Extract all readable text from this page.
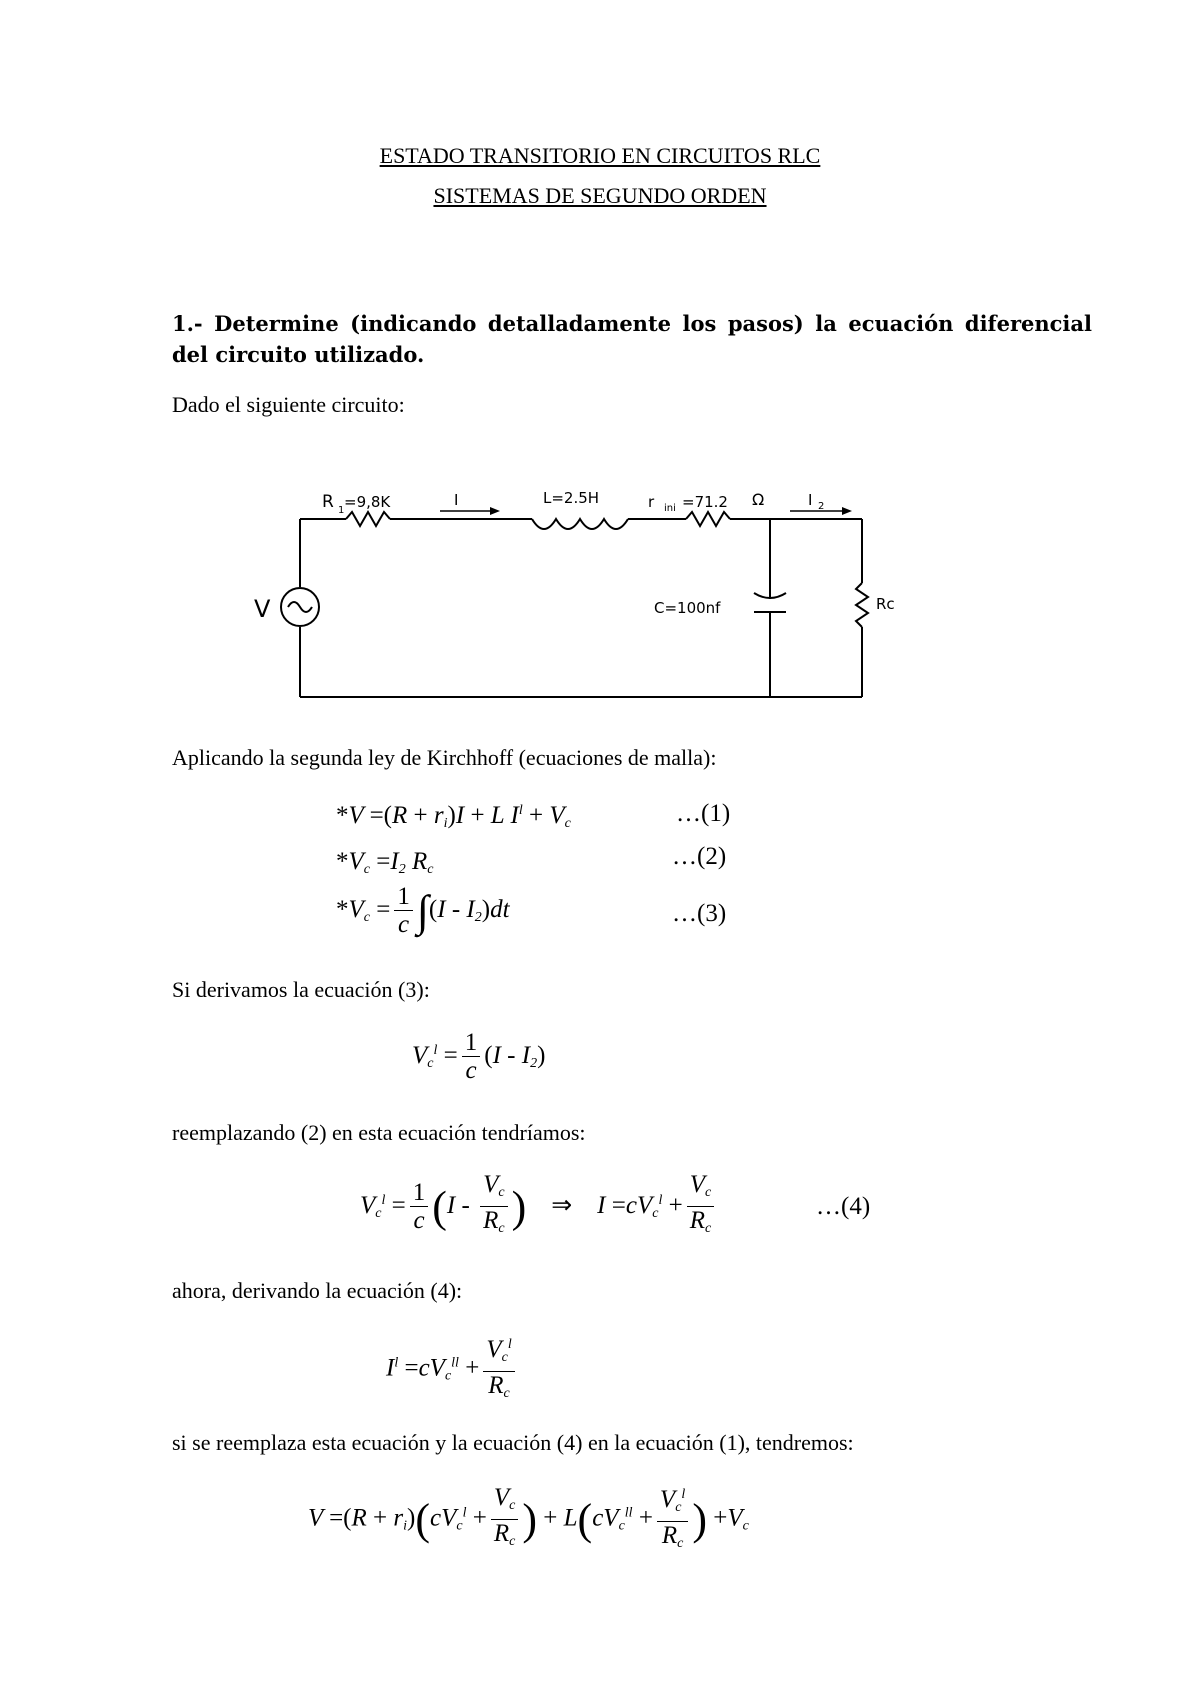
ESTADO TRANSITORIO EN CIRCUITOS RLC
SISTEMAS DE SEGUNDO ORDEN
1.- Determine (indicando detalladamente los pasos) la ecuación diferencial del circuito utilizado.
Dado el siguiente circuito:
R 1 =9,8K	I	L=2.5H	r ini =71.2 Ω	I 2
V	C=100nf	Rc
Aplicando la segunda ley de Kirchhoff (ecuaciones de malla):
$*V =(R + r_i)I + L$ $I^l + V_c$	…(1)
$*V_c =I_2$ $R_c$	…(2)
$*V_c = \frac{1}{c} \int(I - I_2)dt$	…(3)
Si derivamos la ecuación (3):
$V_c^l = \frac{1}{c} (I - I_2)$
reemplazando (2) en esta ecuación tendríamos:
$V_c^l = \frac{1}{c} (I - \frac{V_c}{R_c}$ ) ⇒    $I =cV_c^l + \frac{V_c}{R_c}$	…(4)
ahora, derivando la ecuación (4):
$I^l =cV_c^{ll} + \frac{V_c^l}{R_c}$
si se reemplaza esta ecuación y la ecuación (4) en la ecuación (1), tendremos:
$V =(R + r_i)(cV_c^l + \frac{V_c}{R_c}$ ) + $L(cV_c^{ll} + \frac{V_c^l}{R_c}$ ) $+V_c$
